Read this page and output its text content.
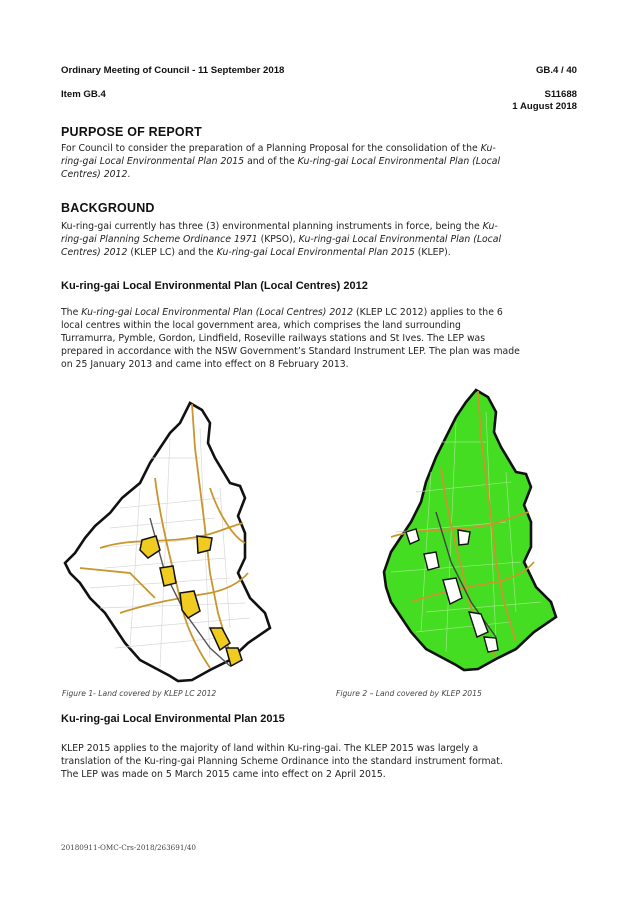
Ordinary Meeting of Council - 11 September 2018	GB.4 / 40
Item GB.4	S11688
1 August 2018
PURPOSE OF REPORT
For Council to consider the preparation of a Planning Proposal for the consolidation of the Ku-
ring-gai Local Environmental Plan 2015 and of the Ku-ring-gai Local Environmental Plan (Local
Centres) 2012.
BACKGROUND
Ku-ring-gai currently has three (3) environmental planning instruments in force, being the Ku-
ring-gai Planning Scheme Ordinance 1971 (KPSO), Ku-ring-gai Local Environmental Plan (Local
Centres) 2012 (KLEP LC) and the Ku-ring-gai Local Environmental Plan 2015 (KLEP).
Ku-ring-gai Local Environmental Plan (Local Centres) 2012
The Ku-ring-gai Local Environmental Plan (Local Centres) 2012 (KLEP LC 2012) applies to the 6
local centres within the local government area, which comprises the land surrounding
Turramurra, Pymble, Gordon, Lindfield, Roseville railways stations and St Ives. The LEP was
prepared in accordance with the NSW Government’s Standard Instrument LEP. The plan was made
on 25 January 2013 and came into effect on 8 February 2013.
Figure 1- Land covered by KLEP LC 2012	Figure 2 – Land covered by KLEP 2015
Ku-ring-gai Local Environmental Plan 2015
KLEP 2015 applies to the majority of land within Ku-ring-gai. The KLEP 2015 was largely a
translation of the Ku-ring-gai Planning Scheme Ordinance into the standard instrument format.
The LEP was made on 5 March 2015 came into effect on 2 April 2015.
20180911-OMC-Crs-2018/263691/40
